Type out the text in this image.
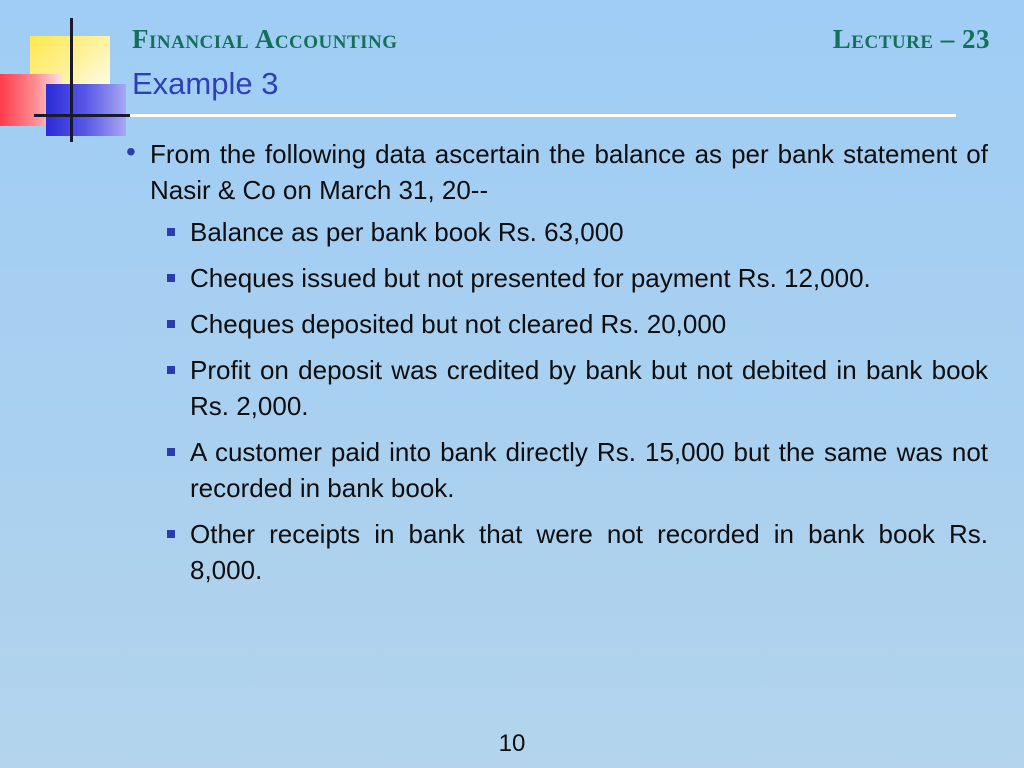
Financial Accounting	Lecture – 23
Example 3
• From the following data ascertain the balance as per bank statement of Nasir & Co on March 31, 20--
Balance as per bank book Rs. 63,000
Cheques issued but not presented for payment Rs. 12,000.
Cheques deposited but not cleared Rs. 20,000
Profit on deposit was credited by bank but not debited in bank book Rs. 2,000.
A customer paid into bank directly Rs. 15,000 but the same was not recorded in bank book.
Other receipts in bank that were not recorded in bank book Rs. 8,000.
10
